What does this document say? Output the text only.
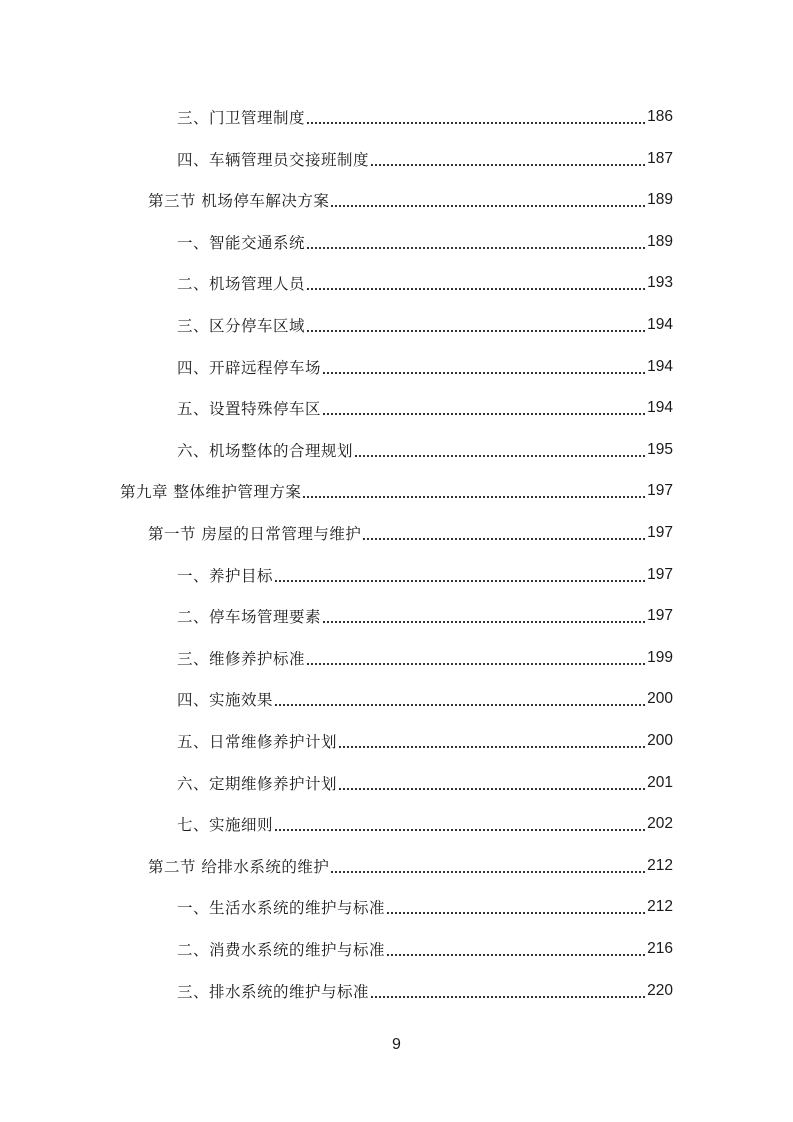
三、门卫管理制度	186
四、车辆管理员交接班制度	187
第三节 机场停车解决方案	189
一、智能交通系统	189
二、机场管理人员	193
三、区分停车区域	194
四、开辟远程停车场	194
五、设置特殊停车区	194
六、机场整体的合理规划	195
第九章 整体维护管理方案	197
第一节 房屋的日常管理与维护	197
一、养护目标	197
二、停车场管理要素	197
三、维修养护标准	199
四、实施效果	200
五、日常维修养护计划	200
六、定期维修养护计划	201
七、实施细则	202
第二节 给排水系统的维护	212
一、生活水系统的维护与标准	212
二、消费水系统的维护与标准	216
三、排水系统的维护与标准	220
9
